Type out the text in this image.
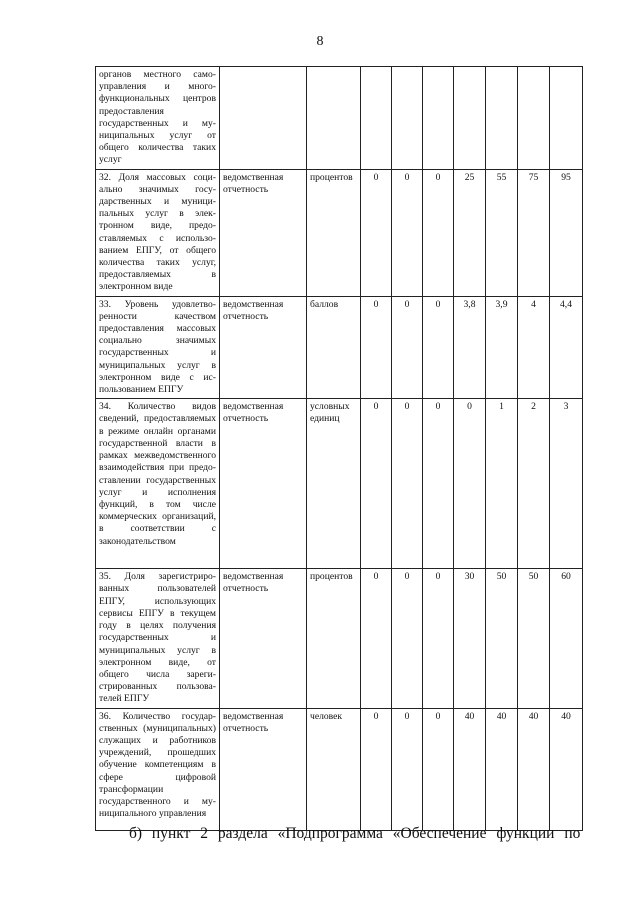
8
органов местного самоуправления и многофункциональных центров предоставления государственных и муниципальных услуг от общего количества таких услуг									
32. Доля массовых социально значимых государственных и муниципальных услуг в электронном виде, предоставляемых с использованием ЕПГУ, от общего количества таких услуг, предоставляемых в электронном виде	ведомственная отчетность	процентов	0	0	0	25	55	75	95
33. Уровень удовлетворенности качеством предоставления массовых социально значимых государственных и муниципальных услуг в электронном виде с использованием ЕПГУ	ведомственная отчетность	баллов	0	0	0	3,8	3,9	4	4,4
34. Количество видов сведений, предоставляемых в режиме онлайн органами государственной власти в рамках межведомственного взаимодействия при предоставлении государственных услуг и исполнения функций, в том числе коммерческих организаций, в соответствии с законодательством	ведомственная отчетность	условных единиц	0	0	0	0	1	2	3
35. Доля зарегистрированных пользователей ЕПГУ, использующих сервисы ЕПГУ в текущем году в целях получения государственных и муниципальных услуг в электронном виде, от общего числа зарегистрированных пользователей ЕПГУ	ведомственная отчетность	процентов	0	0	0	30	50	50	60
36. Количество государственных (муниципальных) служащих и работников учреждений, прошедших обучение компетенциям в сфере цифровой трансформации государственного и муниципального управления	ведомственная отчетность	человек	0	0	0	40	40	40	40
б) пункт 2 раздела «Подпрограмма «Обеспечение функции по
